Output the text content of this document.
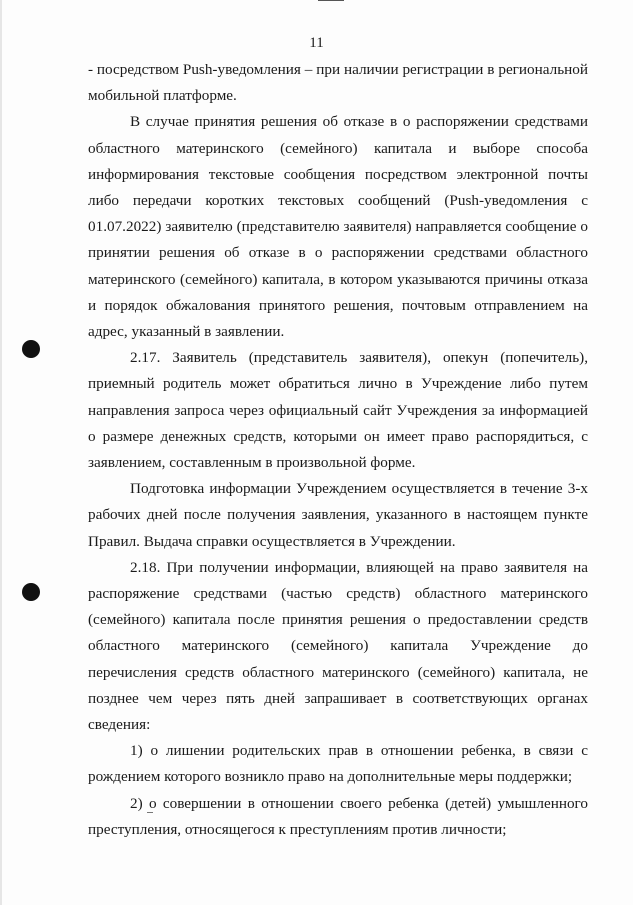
11

- посредством Push-уведомления – при наличии регистрации в региональной мобильной платформе.

В случае принятия решения об отказе в о распоряжении средствами областного материнского (семейного) капитала и выборе способа информирования текстовые сообщения посредством электронной почты либо передачи коротких текстовых сообщений (Push-уведомления с 01.07.2022) заявителю (представителю заявителя) направляется сообщение о принятии решения об отказе в о распоряжении средствами областного материнского (семейного) капитала, в котором указываются причины отказа и порядок обжалования принятого решения, почтовым отправлением на адрес, указанный в заявлении.

2.17. Заявитель (представитель заявителя), опекун (попечитель), приемный родитель может обратиться лично в Учреждение либо путем направления запроса через официальный сайт Учреждения за информацией о размере денежных средств, которыми он имеет право распорядиться, с заявлением, составленным в произвольной форме.

Подготовка информации Учреждением осуществляется в течение 3-х рабочих дней после получения заявления, указанного в настоящем пункте Правил. Выдача справки осуществляется в Учреждении.

2.18. При получении информации, влияющей на право заявителя на распоряжение средствами (частью средств) областного материнского (семейного) капитала после принятия решения о предоставлении средств областного материнского (семейного) капитала Учреждение до перечисления средств областного материнского (семейного) капитала, не позднее чем через пять дней запрашивает в соответствующих органах сведения:

1) о лишении родительских прав в отношении ребенка, в связи с рождением которого возникло право на дополнительные меры поддержки;

2) о совершении в отношении своего ребенка (детей) умышленного преступления, относящегося к преступлениям против личности;
